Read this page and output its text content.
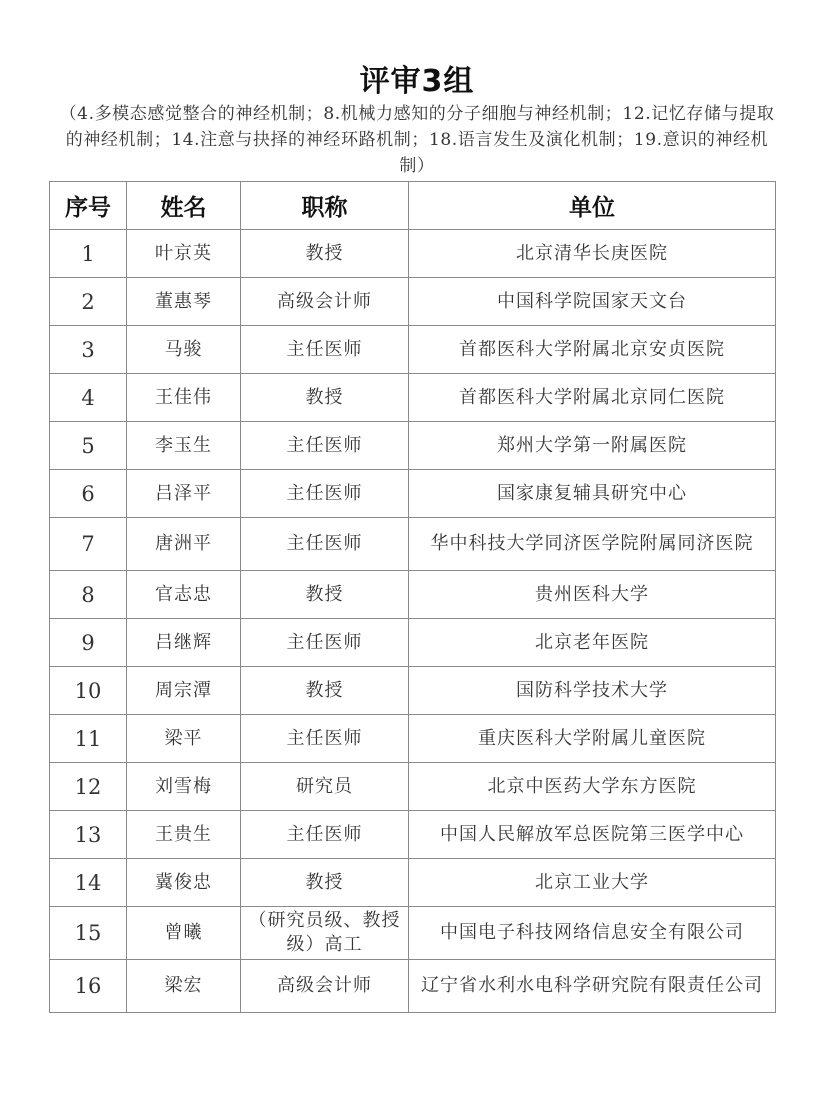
评审3组
（4.多模态感觉整合的神经机制；8.机械力感知的分子细胞与神经机制；12.记忆存储与提取的神经机制；14.注意与抉择的神经环路机制；18.语言发生及演化机制；19.意识的神经机制）
序号	姓名	职称	单位
1	叶京英	教授	北京清华长庚医院
2	董惠琴	高级会计师	中国科学院国家天文台
3	马骏	主任医师	首都医科大学附属北京安贞医院
4	王佳伟	教授	首都医科大学附属北京同仁医院
5	李玉生	主任医师	郑州大学第一附属医院
6	吕泽平	主任医师	国家康复辅具研究中心
7	唐洲平	主任医师	华中科技大学同济医学院附属同济医院
8	官志忠	教授	贵州医科大学
9	吕继辉	主任医师	北京老年医院
10	周宗潭	教授	国防科学技术大学
11	梁平	主任医师	重庆医科大学附属儿童医院
12	刘雪梅	研究员	北京中医药大学东方医院
13	王贵生	主任医师	中国人民解放军总医院第三医学中心
14	冀俊忠	教授	北京工业大学
15	曾曦	（研究员级、教授级）高工	中国电子科技网络信息安全有限公司
16	梁宏	高级会计师	辽宁省水利水电科学研究院有限责任公司
